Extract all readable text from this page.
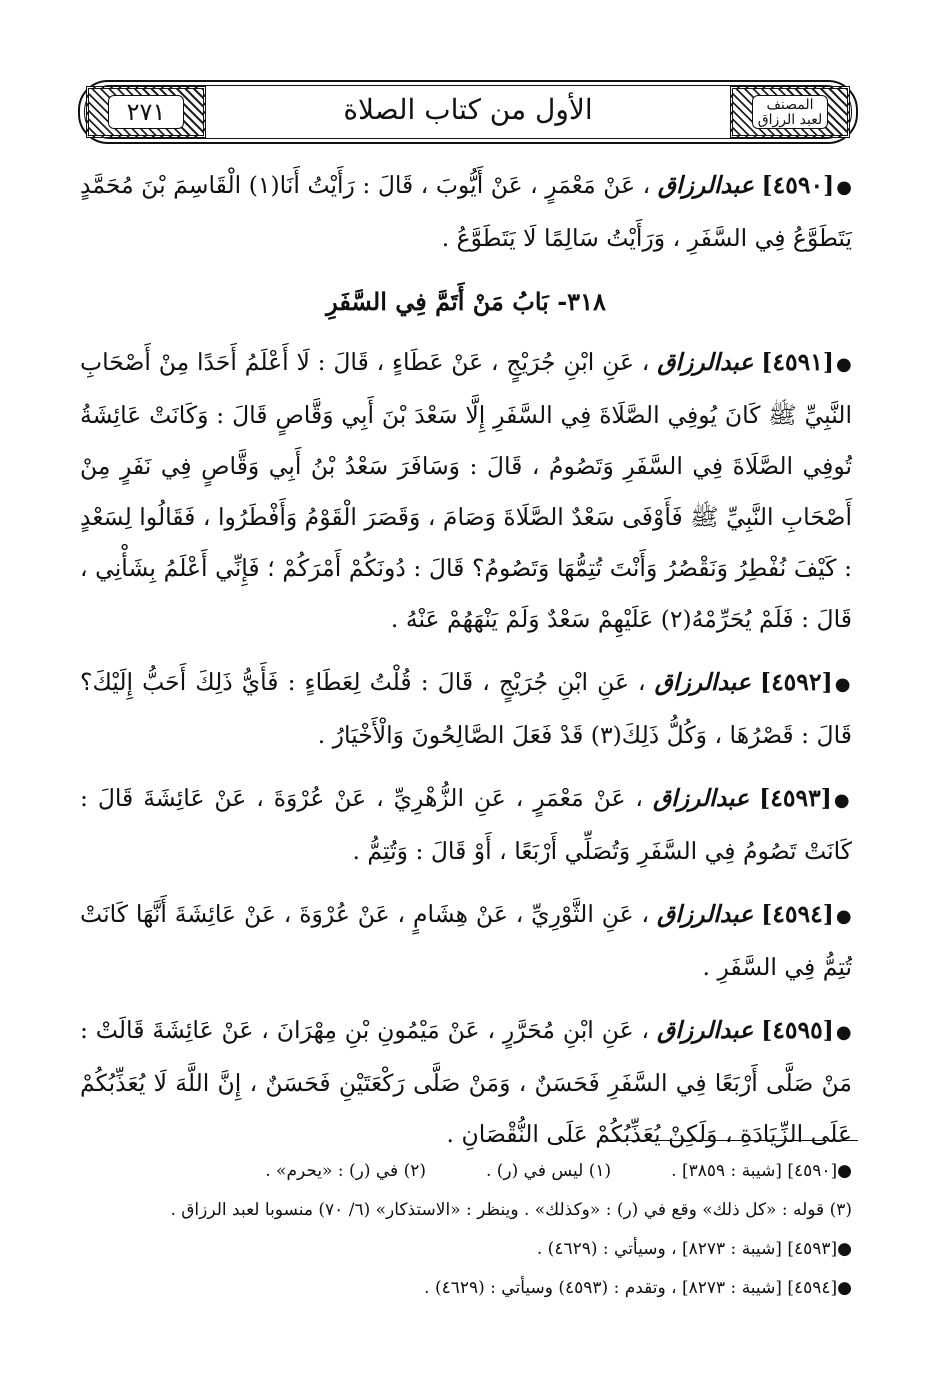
٢٧١	الأول من كتاب الصلاة	المصنف لعبد الرزاق

●[٤٥٩٠] عبدالرزاق ، عَنْ مَعْمَرٍ ، عَنْ أَيُّوبَ ، قَالَ : رَأَيْتُ أَنَا(١) الْقَاسِمَ بْنَ مُحَمَّدٍ يَتَطَوَّعُ فِي السَّفَرِ ، وَرَأَيْتُ سَالِمًا لَا يَتَطَوَّعُ .

٣١٨- بَابُ مَنْ أَتَمَّ فِي السَّفَرِ

●[٤٥٩١] عبدالرزاق ، عَنِ ابْنِ جُرَيْجٍ ، عَنْ عَطَاءٍ ، قَالَ : لَا أَعْلَمُ أَحَدًا مِنْ أَصْحَابِ النَّبِيِّ ﷺ كَانَ يُوفِي الصَّلَاةَ فِي السَّفَرِ إِلَّا سَعْدَ بْنَ أَبِي وَقَّاصٍ قَالَ : وَكَانَتْ عَائِشَةُ تُوفِي الصَّلَاةَ فِي السَّفَرِ وَتَصُومُ ، قَالَ : وَسَافَرَ سَعْدُ بْنُ أَبِي وَقَّاصٍ فِي نَفَرٍ مِنْ أَصْحَابِ النَّبِيِّ ﷺ فَأَوْفَى سَعْدٌ الصَّلَاةَ وَصَامَ ، وَقَصَرَ الْقَوْمُ وَأَفْطَرُوا ، فَقَالُوا لِسَعْدٍ : كَيْفَ نُفْطِرُ وَنَقْصُرُ وَأَنْتَ تُتِمُّهَا وَتَصُومُ؟ قَالَ : دُونَكُمْ أَمْرَكُمْ ؛ فَإِنِّي أَعْلَمُ بِشَأْنِي ، قَالَ : فَلَمْ يُحَرِّمْهُ(٢) عَلَيْهِمْ سَعْدٌ وَلَمْ يَنْهَهُمْ عَنْهُ .

●[٤٥٩٢] عبدالرزاق ، عَنِ ابْنِ جُرَيْجٍ ، قَالَ : قُلْتُ لِعَطَاءٍ : فَأَيُّ ذَلِكَ أَحَبُّ إِلَيْكَ؟ قَالَ : قَصْرُهَا ، وَكُلُّ ذَلِكَ(٣) قَدْ فَعَلَ الصَّالِحُونَ وَالْأَخْيَارُ .

●[٤٥٩٣] عبدالرزاق ، عَنْ مَعْمَرٍ ، عَنِ الزُّهْرِيِّ ، عَنْ عُرْوَةَ ، عَنْ عَائِشَةَ قَالَ : كَانَتْ تَصُومُ فِي السَّفَرِ وَتُصَلِّي أَرْبَعًا ، أَوْ قَالَ : وَتُتِمُّ .

●[٤٥٩٤] عبدالرزاق ، عَنِ الثَّوْرِيِّ ، عَنْ هِشَامٍ ، عَنْ عُرْوَةَ ، عَنْ عَائِشَةَ أَنَّهَا كَانَتْ تُتِمُّ فِي السَّفَرِ .

●[٤٥٩٥] عبدالرزاق ، عَنِ ابْنِ مُحَرَّرٍ ، عَنْ مَيْمُونِ بْنِ مِهْرَانَ ، عَنْ عَائِشَةَ قَالَتْ : مَنْ صَلَّى أَرْبَعًا فِي السَّفَرِ فَحَسَنٌ ، وَمَنْ صَلَّى رَكْعَتَيْنِ فَحَسَنٌ ، إِنَّ اللَّهَ لَا يُعَذِّبُكُمْ عَلَى الزِّيَادَةِ ، وَلَكِنْ يُعَذِّبُكُمْ عَلَى النُّقْصَانِ .

●[٤٥٩٠] [شيبة : ٣٨٥٩] .
(١) ليس في (ر) .
(٢) في (ر) : «يحرم» .
(٣) قوله : «كل ذلك» وقع في (ر) : «وكذلك» . وينظر : «الاستذكار» (٦/ ٧٠) منسوبا لعبد الرزاق .
●[٤٥٩٣] [شيبة : ٨٢٧٣] ، وسيأتي : (٤٦٢٩) .
●[٤٥٩٤] [شيبة : ٨٢٧٣] ، وتقدم : (٤٥٩٣) وسيأتي : (٤٦٢٩) .
